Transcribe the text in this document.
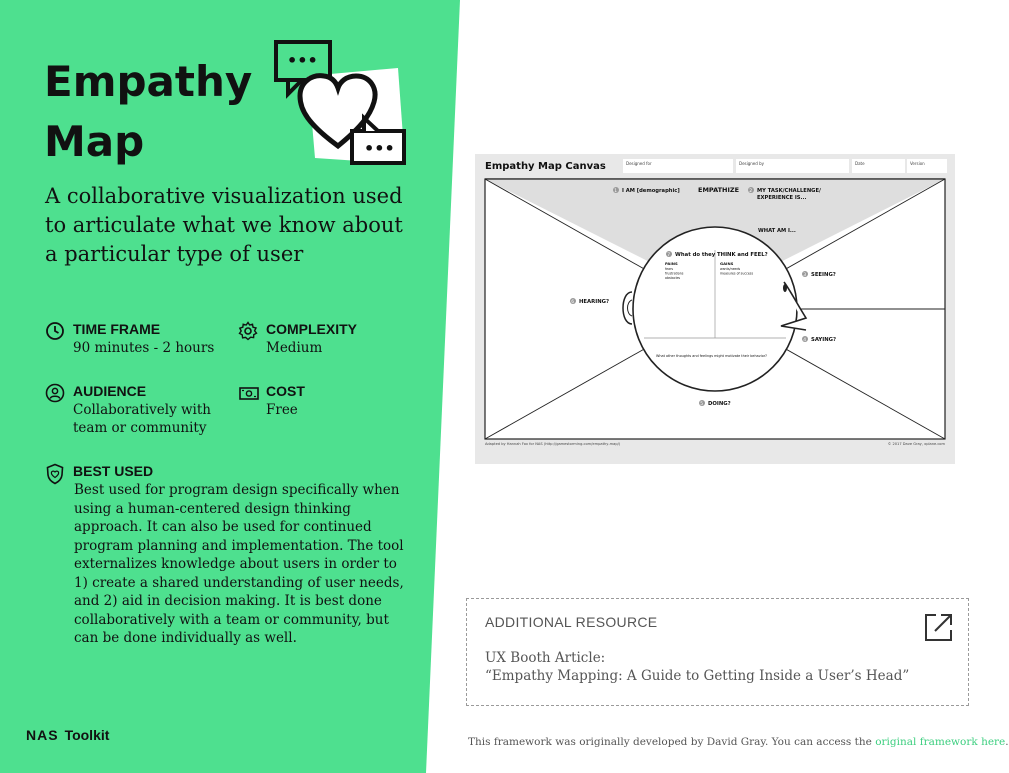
Empathy Map

A collaborative visualization used to articulate what we know about a particular type of user

•••
•••
TIME FRAME
90 minutes - 2 hours
COMPLEXITY
Medium
AUDIENCE
Collaboratively with team or community
COST
Free
BEST USED

Best used for program design specifically when using a human-centered design thinking approach. It can also be used for continued program planning and implementation. The tool externalizes knowledge about users in order to 1) create a shared understanding of user needs, and 2) aid in decision making. It is best done collaboratively with a team or community, but can be done individually as well.

NAS Toolkit
Empathy Map Canvas	Designed for	Designed by	Date	Version
1 I AM [demographic]	EMPATHIZE 2 MY TASK/CHALLENGE/
EXPERIENCE IS...
WHAT AM I...
7 What do they THINK and FEEL?
PAINS
fears
frustrations
obstacles
GAINS
wants/needs
measures of success	3 SEEING?
6 HEARING?
4 SAYING?
What other thoughts and feelings might motivate their behavior?
5 DOING?
Adapted by Hannah Fox for NAS (http://gamestorming.com/empathy-map/)	© 2017 Dave Gray, xplane.com
ADDITIONAL RESOURCE
UX Booth Article:
“Empathy Mapping: A Guide to Getting Inside a User’s Head”
This framework was originally developed by David Gray. You can access the original framework here.
